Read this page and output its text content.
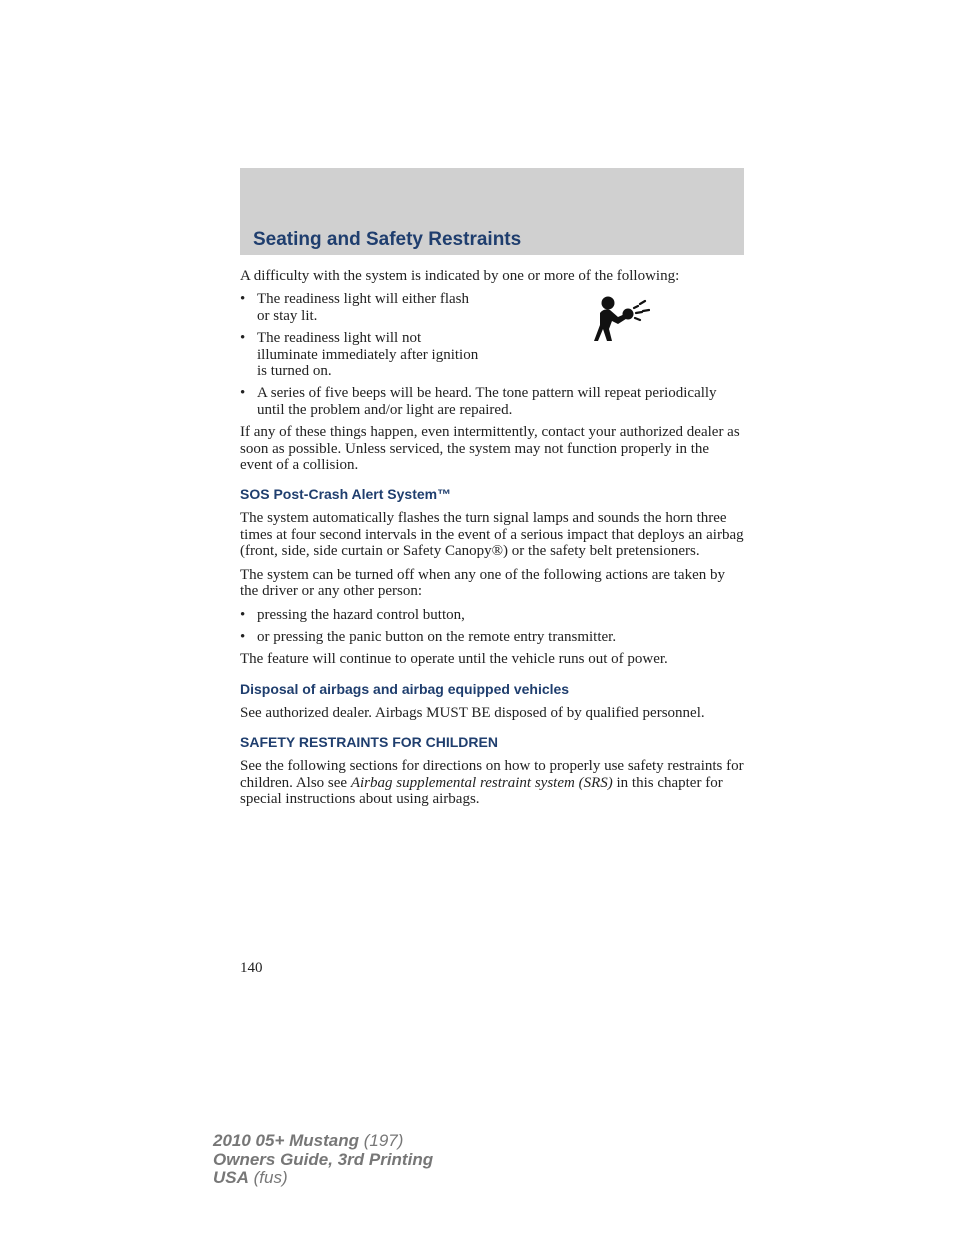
Seating and Safety Restraints

A difficulty with the system is indicated by one or more of the following:

• The readiness light will either flash or stay lit.
• The readiness light will not illuminate immediately after ignition is turned on.
• A series of five beeps will be heard. The tone pattern will repeat periodically until the problem and/or light are repaired.

If any of these things happen, even intermittently, contact your authorized dealer as soon as possible. Unless serviced, the system may not function properly in the event of a collision.

SOS Post-Crash Alert System™

The system automatically flashes the turn signal lamps and sounds the horn three times at four second intervals in the event of a serious impact that deploys an airbag (front, side, side curtain or Safety Canopy®) or the safety belt pretensioners.

The system can be turned off when any one of the following actions are taken by the driver or any other person:

• pressing the hazard control button,
• or pressing the panic button on the remote entry transmitter.

The feature will continue to operate until the vehicle runs out of power.

Disposal of airbags and airbag equipped vehicles

See authorized dealer. Airbags MUST BE disposed of by qualified personnel.

SAFETY RESTRAINTS FOR CHILDREN

See the following sections for directions on how to properly use safety restraints for children. Also see Airbag supplemental restraint system (SRS) in this chapter for special instructions about using airbags.

140
2010 05+ Mustang (197)
Owners Guide, 3rd Printing
USA (fus)
